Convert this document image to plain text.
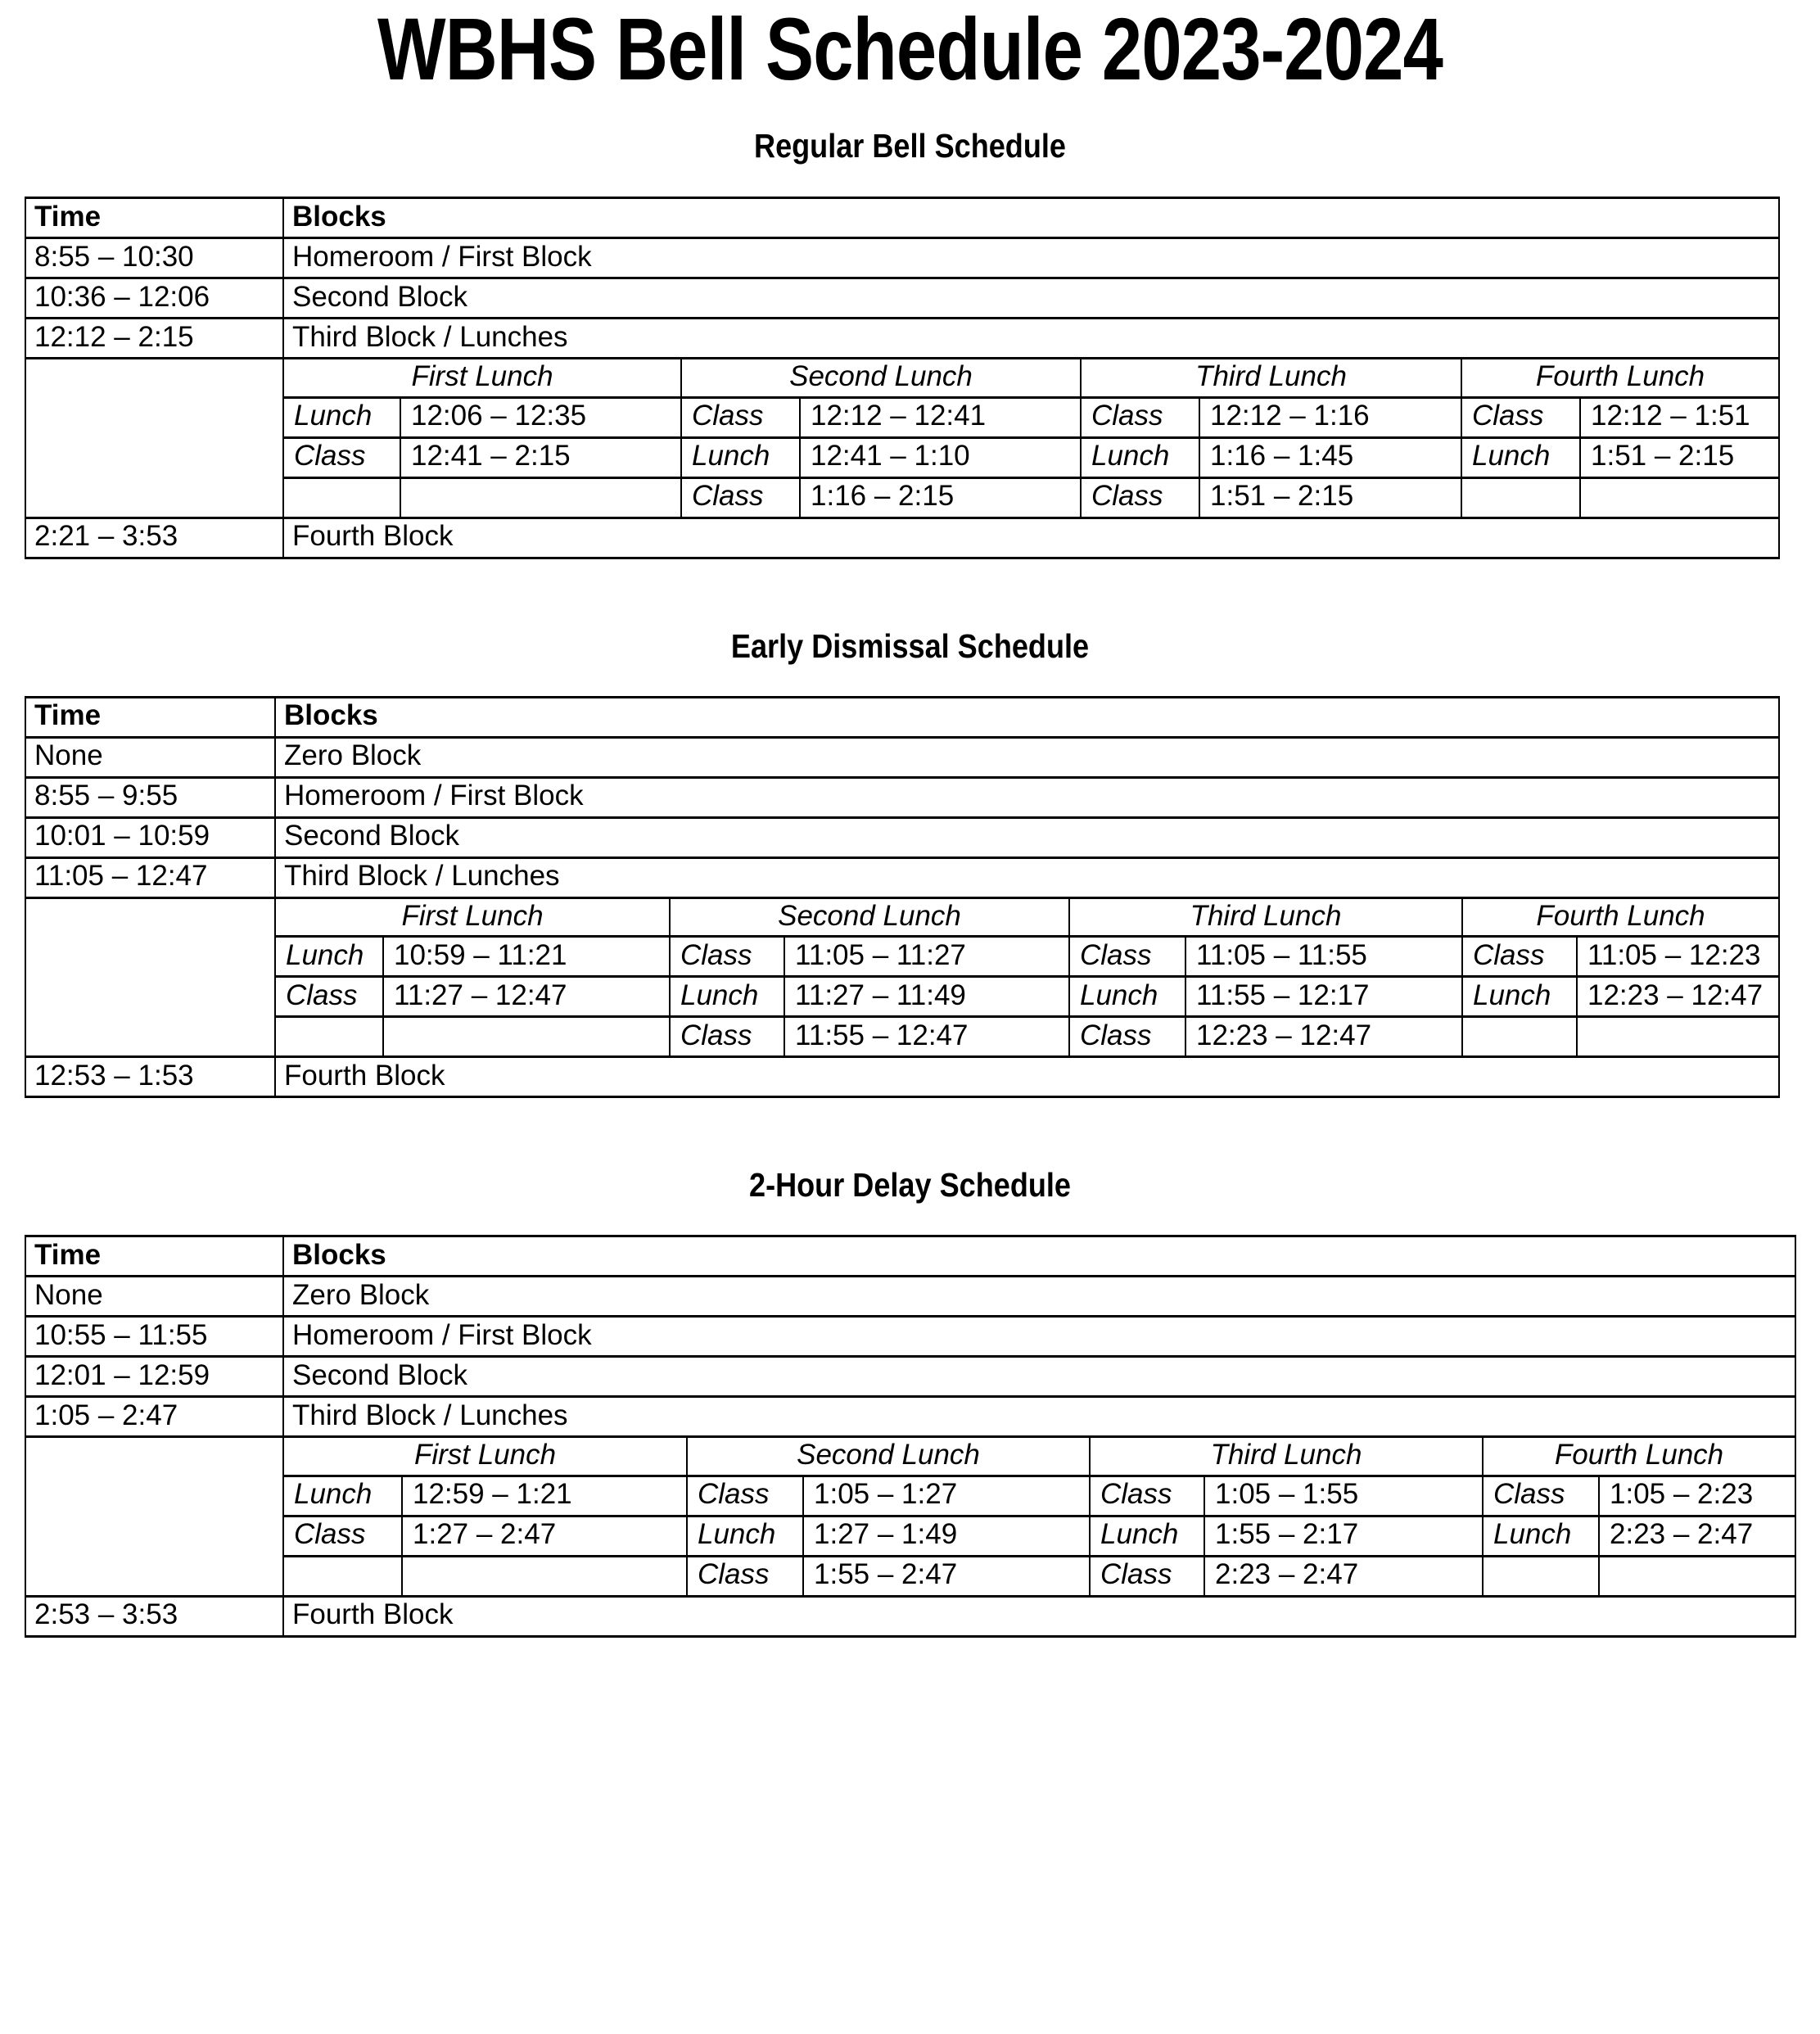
WBHS Bell Schedule 2023-2024
Regular Bell Schedule
Time	Blocks							
8:55 – 10:30	Homeroom / First Block							
10:36 – 12:06	Second Block							
12:12 – 2:15	Third Block / Lunches							
	First Lunch		Second Lunch		Third Lunch		Fourth Lunch	
	Lunch	12:06 – 12:35	Class	12:12 – 12:41	Class	12:12 – 1:16	Class	12:12 – 1:51
	Class	12:41 – 2:15	Lunch	12:41 – 1:10	Lunch	1:16 – 1:45	Lunch	1:51 – 2:15
			Class	1:16 – 2:15	Class	1:51 – 2:15		
2:21 – 3:53	Fourth Block							
Early Dismissal Schedule
Time	Blocks							
None	Zero Block							
8:55 – 9:55	Homeroom / First Block							
10:01 – 10:59	Second Block							
11:05 – 12:47	Third Block / Lunches							
	First Lunch		Second Lunch		Third Lunch		Fourth Lunch	
	Lunch	10:59 – 11:21	Class	11:05 – 11:27	Class	11:05 – 11:55	Class	11:05 – 12:23
	Class	11:27 – 12:47	Lunch	11:27 – 11:49	Lunch	11:55 – 12:17	Lunch	12:23 – 12:47
			Class	11:55 – 12:47	Class	12:23 – 12:47		
12:53 – 1:53	Fourth Block							
2-Hour Delay Schedule
Time	Blocks							
None	Zero Block							
10:55 – 11:55	Homeroom / First Block							
12:01 – 12:59	Second Block							
1:05 – 2:47	Third Block / Lunches							
	First Lunch		Second Lunch		Third Lunch		Fourth Lunch	
	Lunch	12:59 – 1:21	Class	1:05 – 1:27	Class	1:05 – 1:55	Class	1:05 – 2:23
	Class	1:27 – 2:47	Lunch	1:27 – 1:49	Lunch	1:55 – 2:17	Lunch	2:23 – 2:47
			Class	1:55 – 2:47	Class	2:23 – 2:47		
2:53 – 3:53	Fourth Block							
